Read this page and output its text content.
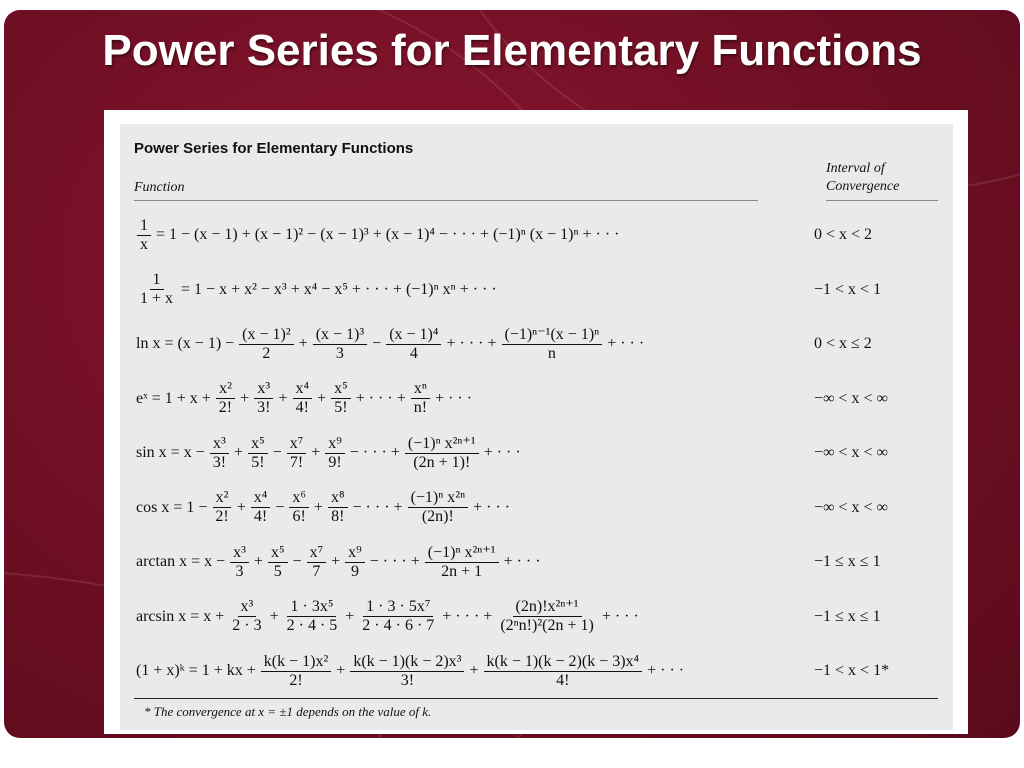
Power Series for Elementary Functions
Power Series for Elementary Functions
Function
Interval of
Convergence
$\frac{1}{x} = 1 - (x - 1) + (x - 1)^2 - (x - 1)^3 + (x - 1)^4$ − · · · + (−1)ⁿ (x − 1)ⁿ + · · ·	0 < x < 2
$\frac{1}{1 + x} = 1 - x + x^2 - x^3 + x^4 - x^5$ + · · · + (−1)ⁿ xⁿ + · · ·	−1 < x < 1
$\ln x = (x - 1) - \frac{\text{(x − 1)²}}{2} + \frac{\text{(x − 1)³}}{3} - \frac{\text{(x − 1)⁴}}{4}$ + · · · + $\frac{\text{(−1)ⁿ⁻¹(x − 1)ⁿ}}{n}$ + · · ·	0 < x ≤ 2
eˣ = $1 + x + \frac{\text{x²}}{2!} + \frac{\text{x³}}{3!} + \frac{\text{x⁴}}{4!} + \frac{\text{x⁵}}{5!}$ + · · · + $\frac{\text{xⁿ}}{n!}$ + · · ·	−∞ < x < ∞
$\sin x = x - \frac{\text{x³}}{3!} + \frac{\text{x⁵}}{5!} - \frac{\text{x⁷}}{7!} + \frac{\text{x⁹}}{9!}$ − · · · + $\frac{\text{(−1)ⁿ x²ⁿ⁺¹}}{(2n + 1)!}$ + · · ·	−∞ < x < ∞
$\cos x = 1 - \frac{\text{x²}}{2!} + \frac{\text{x⁴}}{4!} - \frac{\text{x⁶}}{6!} + \frac{\text{x⁸}}{8!}$ − · · · + $\frac{\text{(−1)ⁿ x²ⁿ}}{(2n)!}$ + · · ·	−∞ < x < ∞
$\arctan x = x - \frac{\text{x³}}{3} + \frac{\text{x⁵}}{5} - \frac{\text{x⁷}}{7} + \frac{\text{x⁹}}{9}$ − · · · + $\frac{\text{(−1)ⁿ x²ⁿ⁺¹}}{2n + 1}$ + · · ·	−1 ≤ x ≤ 1
$\arcsin x = x + \frac{\text{x³}}{2 \cdot 3} + \frac{\text{1 · 3x⁵}}{2 \cdot 4 \cdot 5} + \frac{\text{1 · 3 · 5x⁷}}{2 \cdot 4 \cdot 6 \cdot 7}$ + · · · + $\frac{\text{(2n)!x²ⁿ⁺¹}}{\text{(2ⁿn!)²(2n + 1)}}$ + · · ·	−1 ≤ x ≤ 1
(1 + x)ᵏ = 1 + kx + $\frac{\text{k(k − 1)x²}}{2!} + \frac{\text{k(k − 1)(k − 2)x³}}{3!} + \frac{\text{k(k − 1)(k − 2)(k − 3)x⁴}}{4!}$ + · · ·	−1 < x < 1*
* The convergence at x = ±1 depends on the value of k.
